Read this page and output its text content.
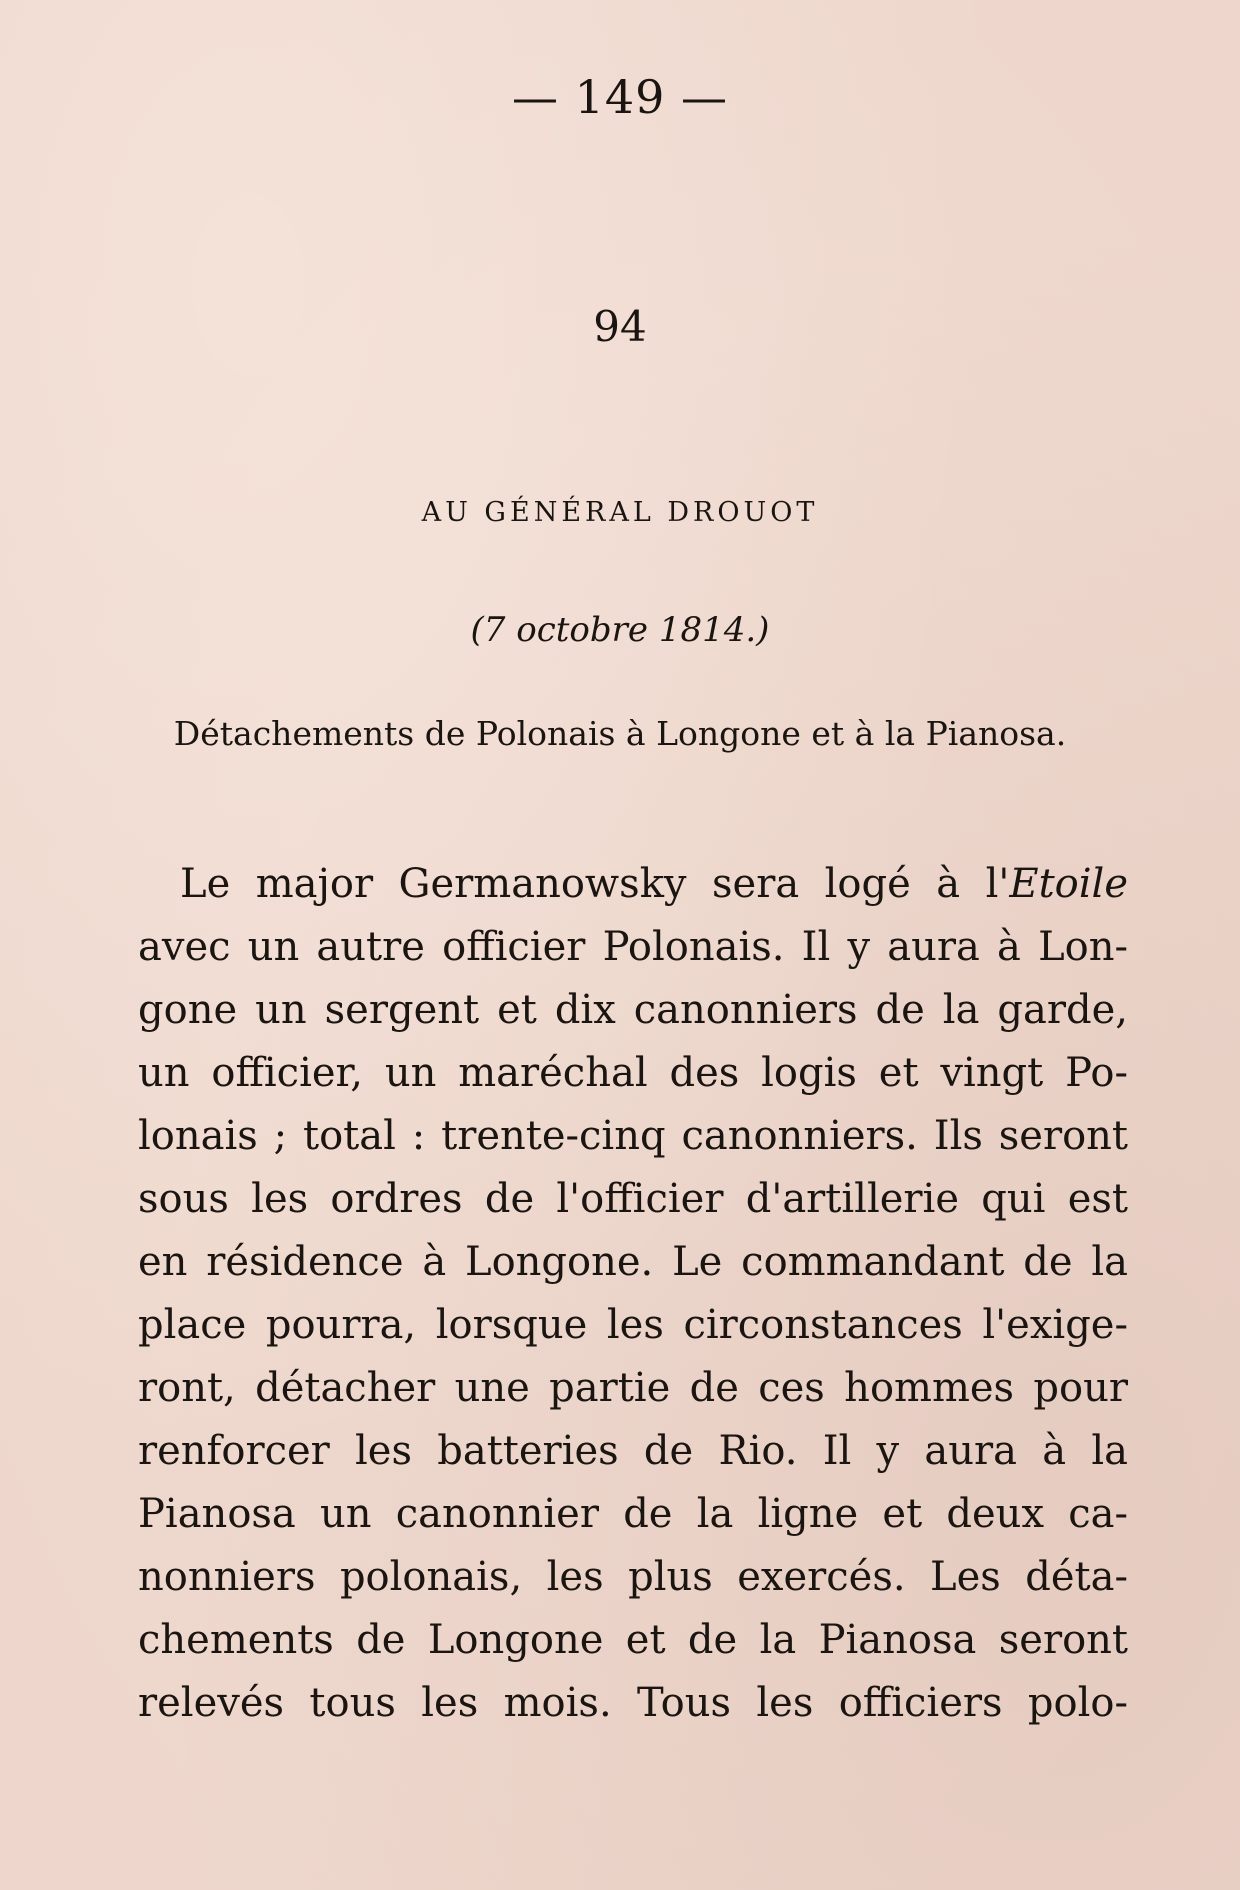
— 149 —
94
AU GÉNÉRAL DROUOT
(7 octobre 1814.)
Détachements de Polonais à Longone et à la Pianosa.
Le major Germanowsky sera logé à l'Etoile
avec un autre officier Polonais. Il y aura à Lon-
gone un sergent et dix canonniers de la garde,
un officier, un maréchal des logis et vingt Po-
lonais ; total : trente-cinq canonniers. Ils seront
sous les ordres de l'officier d'artillerie qui est
en résidence à Longone. Le commandant de la
place pourra, lorsque les circonstances l'exige-
ront, détacher une partie de ces hommes pour
renforcer les batteries de Rio. Il y aura à la
Pianosa un canonnier de la ligne et deux ca-
nonniers polonais, les plus exercés. Les déta-
chements de Longone et de la Pianosa seront
relevés tous les mois. Tous les officiers polo-
